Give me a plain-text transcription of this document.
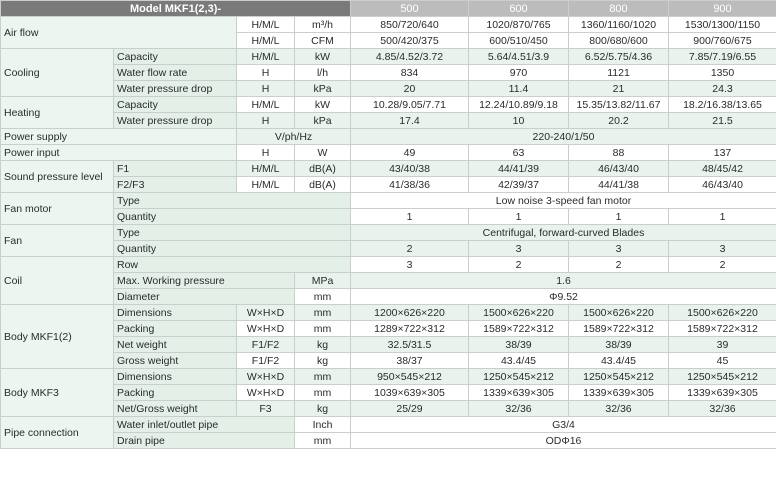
Model MKF1(2,3)-				500	600	800	900
Air flow		H/M/L	m³/h	850/720/640	1020/870/765	1360/1160/1020	1530/1300/1150
		H/M/L	CFM	500/420/375	600/510/450	800/680/600	900/760/675
Cooling	Capacity	H/M/L	kW	4.85/4.52/3.72	5.64/4.51/3.9	6.52/5.75/4.36	7.85/7.19/6.55
	Water flow rate	H	l/h	834	970	1121	1350
	Water pressure drop	H	kPa	20	11.4	21	24.3
Heating	Capacity	H/M/L	kW	10.28/9.05/7.71	12.24/10.89/9.18	15.35/13.82/11.67	18.2/16.38/13.65
	Water pressure drop	H	kPa	17.4	10	20.2	21.5
Power supply		V/ph/Hz		220-240/1/50			
Power input		H	W	49	63	88	137
Sound pressure level	F1	H/M/L	dB(A)	43/40/38	44/41/39	46/43/40	48/45/42
	F2/F3	H/M/L	dB(A)	41/38/36	42/39/37	44/41/38	46/43/40
Fan motor	Type			Low noise 3-speed fan motor			
	Quantity			1	1	1	1
Fan	Type			Centrifugal, forward-curved Blades			
	Quantity			2	3	3	3
Coil	Row			3	2	2	2
	Max. Working pressure		MPa	1.6			
	Diameter		mm	Φ9.52			
Body MKF1(2)	Dimensions	W×H×D	mm	1200×626×220	1500×626×220	1500×626×220	1500×626×220
	Packing	W×H×D	mm	1289×722×312	1589×722×312	1589×722×312	1589×722×312
	Net weight	F1/F2	kg	32.5/31.5	38/39	38/39	39
	Gross weight	F1/F2	kg	38/37	43.4/45	43.4/45	45
Body MKF3	Dimensions	W×H×D	mm	950×545×212	1250×545×212	1250×545×212	1250×545×212
	Packing	W×H×D	mm	1039×639×305	1339×639×305	1339×639×305	1339×639×305
	Net/Gross weight	F3	kg	25/29	32/36	32/36	32/36
Pipe connection	Water inlet/outlet pipe		Inch	G3/4			
	Drain pipe		mm	ODΦ16			
